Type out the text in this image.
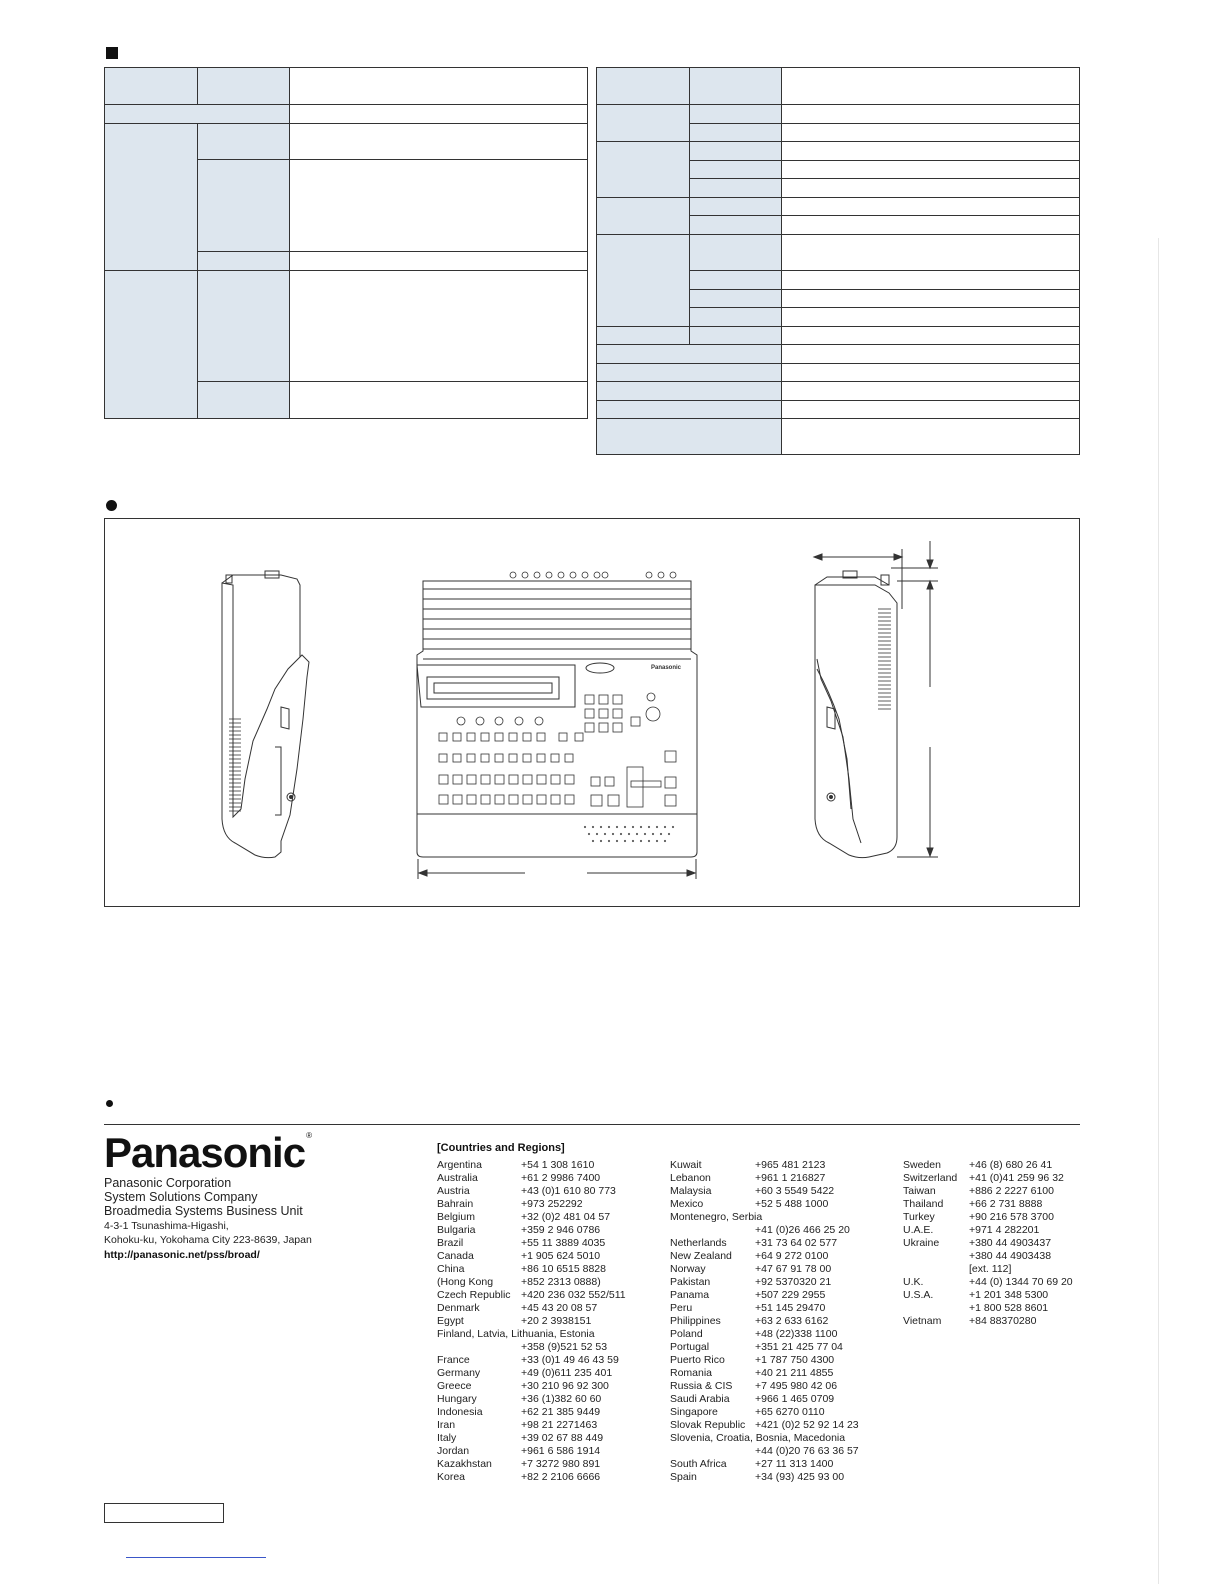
Panasonic
Panasonic®
Panasonic Corporation
System Solutions Company
Broadmedia Systems Business Unit
4-3-1 Tsunashima-Higashi,
Kohoku-ku, Yokohama City 223-8639, Japan
http://panasonic.net/pss/broad/
[Countries and Regions]
Argentina	+54 1 308 1610
Australia	+61 2 9986 7400
Austria	+43 (0)1 610 80 773
Bahrain	+973 252292
Belgium	+32 (0)2 481 04 57
Bulgaria	+359 2 946 0786
Brazil	+55 11 3889 4035
Canada	+1 905 624 5010
China	+86 10 6515 8828
(Hong Kong	+852 2313 0888)
Czech Republic +420 236 032 552/511
Denmark	+45 43 20 08 57
Egypt	+20 2 3938151
Finland, Latvia, Lithuania, Estonia
+358 (9)521 52 53
France	+33 (0)1 49 46 43 59
Germany	+49 (0)611 235 401
Greece	+30 210 96 92 300
Hungary	+36 (1)382 60 60
Indonesia	+62 21 385 9449
Iran	+98 21 2271463
Italy	+39 02 67 88 449
Jordan	+961 6 586 1914
Kazakhstan	+7 3272 980 891
Korea	+82 2 2106 6666
Kuwait	+965 481 2123
Lebanon	+961 1 216827
Malaysia	+60 3 5549 5422
Mexico	+52 5 488 1000
Montenegro, Serbia
+41 (0)26 466 25 20
Netherlands	+31 73 64 02 577
New Zealand +64 9 272 0100
Norway	+47 67 91 78 00
Pakistan	+92 5370320 21
Panama	+507 229 2955
Peru	+51 145 29470
Philippines	+63 2 633 6162
Poland	+48 (22)338 1100
Portugal	+351 21 425 77 04
Puerto Rico	+1 787 750 4300
Romania	+40 21 211 4855
Russia & CIS +7 495 980 42 06
Saudi Arabia +966 1 465 0709
Singapore	+65 6270 0110
Slovak Republic +421 (0)2 52 92 14 23
Slovenia, Croatia, Bosnia, Macedonia
+44 (0)20 76 63 36 57
South Africa	+27 11 313 1400
Spain	+34 (93) 425 93 00
Sweden	+46 (8) 680 26 41
Switzerland +41 (0)41 259 96 32
Taiwan	+886 2 2227 6100
Thailand +66 2 731 8888
Turkey	+90 216 578 3700
U.A.E.	+971 4 282201
Ukraine	+380 44 4903437
+380 44 4903438
[ext. 112]
U.K.	+44 (0) 1344 70 69 20
U.S.A.	+1 201 348 5300
+1 800 528 8601
Vietnam	+84 88370280
